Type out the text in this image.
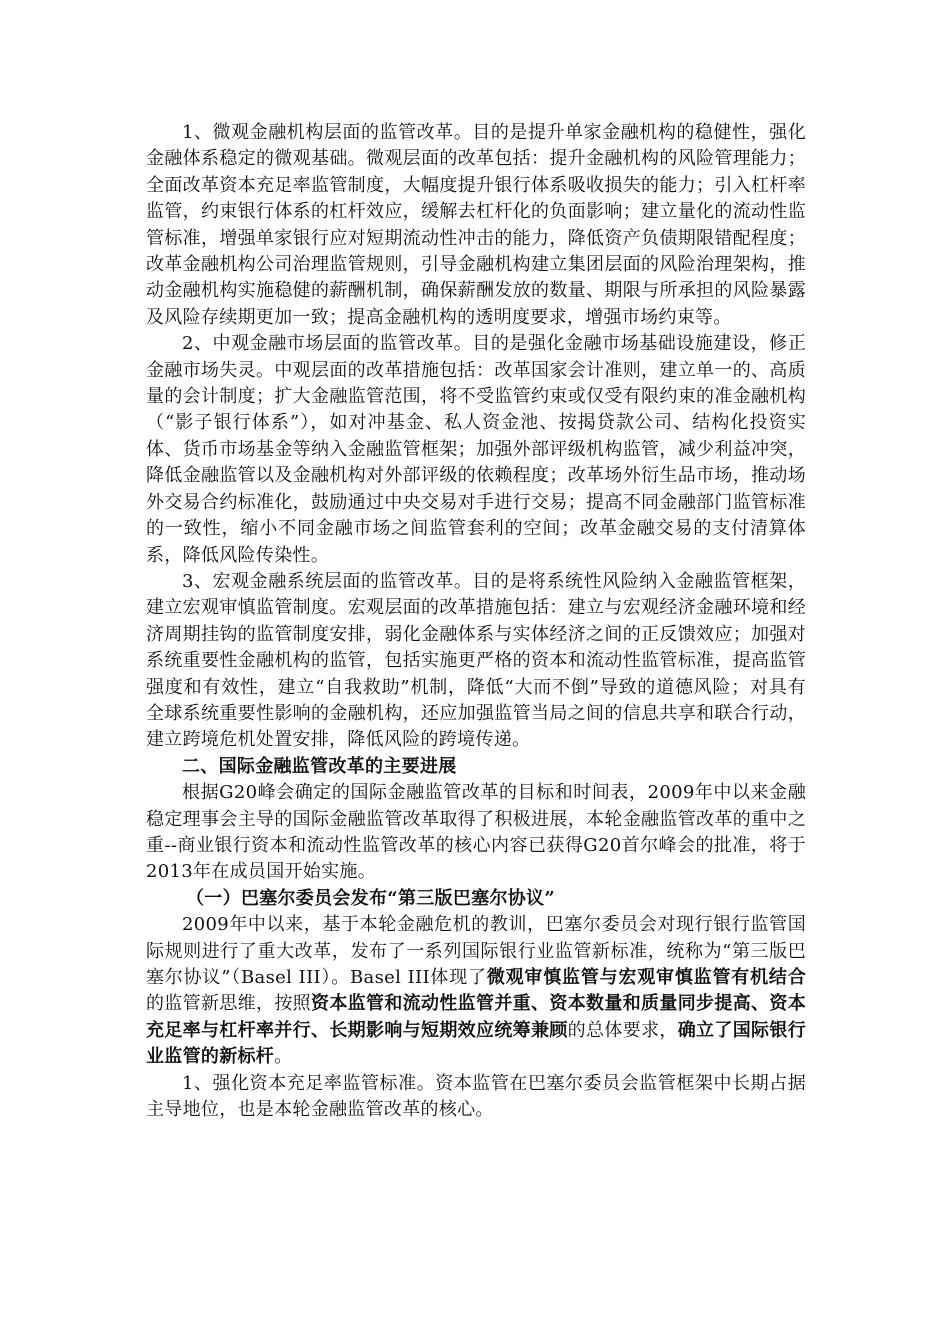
1、微观金融机构层面的监管改革。目的是提升单家金融机构的稳健性，强化金融体系稳定的微观基础。微观层面的改革包括：提升金融机构的风险管理能力；全面改革资本充足率监管制度，大幅度提升银行体系吸收损失的能力；引入杠杆率监管，约束银行体系的杠杆效应，缓解去杠杆化的负面影响；建立量化的流动性监管标准，增强单家银行应对短期流动性冲击的能力，降低资产负债期限错配程度；改革金融机构公司治理监管规则，引导金融机构建立集团层面的风险治理架构，推动金融机构实施稳健的薪酬机制，确保薪酬发放的数量、期限与所承担的风险暴露及风险存续期更加一致；提高金融机构的透明度要求，增强市场约束等。

2、中观金融市场层面的监管改革。目的是强化金融市场基础设施建设，修正金融市场失灵。中观层面的改革措施包括：改革国家会计准则，建立单一的、高质量的会计制度；扩大金融监管范围，将不受监管约束或仅受有限约束的准金融机构（“影子银行体系”），如对冲基金、私人资金池、按揭贷款公司、结构化投资实体、货币市场基金等纳入金融监管框架；加强外部评级机构监管，减少利益冲突，降低金融监管以及金融机构对外部评级的依赖程度；改革场外衍生品市场，推动场外交易合约标准化，鼓励通过中央交易对手进行交易；提高不同金融部门监管标准的一致性，缩小不同金融市场之间监管套利的空间；改革金融交易的支付清算体系，降低风险传染性。

3、宏观金融系统层面的监管改革。目的是将系统性风险纳入金融监管框架，建立宏观审慎监管制度。宏观层面的改革措施包括：建立与宏观经济金融环境和经济周期挂钩的监管制度安排，弱化金融体系与实体经济之间的正反馈效应；加强对系统重要性金融机构的监管，包括实施更严格的资本和流动性监管标准，提高监管强度和有效性，建立“自我救助”机制，降低“大而不倒”导致的道德风险；对具有全球系统重要性影响的金融机构，还应加强监管当局之间的信息共享和联合行动，建立跨境危机处置安排，降低风险的跨境传递。

二、国际金融监管改革的主要进展

根据G20峰会确定的国际金融监管改革的目标和时间表，2009年中以来金融稳定理事会主导的国际金融监管改革取得了积极进展，本轮金融监管改革的重中之重--商业银行资本和流动性监管改革的核心内容已获得G20首尔峰会的批准，将于2013年在成员国开始实施。

（一）巴塞尔委员会发布“第三版巴塞尔协议”

2009年中以来，基于本轮金融危机的教训，巴塞尔委员会对现行银行监管国际规则进行了重大改革，发布了一系列国际银行业监管新标准，统称为“第三版巴塞尔协议”（Basel III）。Basel III体现了微观审慎监管与宏观审慎监管有机结合的监管新思维，按照资本监管和流动性监管并重、资本数量和质量同步提高、资本充足率与杠杆率并行、长期影响与短期效应统筹兼顾的总体要求，确立了国际银行业监管的新标杆。

1、强化资本充足率监管标准。资本监管在巴塞尔委员会监管框架中长期占据主导地位，也是本轮金融监管改革的核心。
